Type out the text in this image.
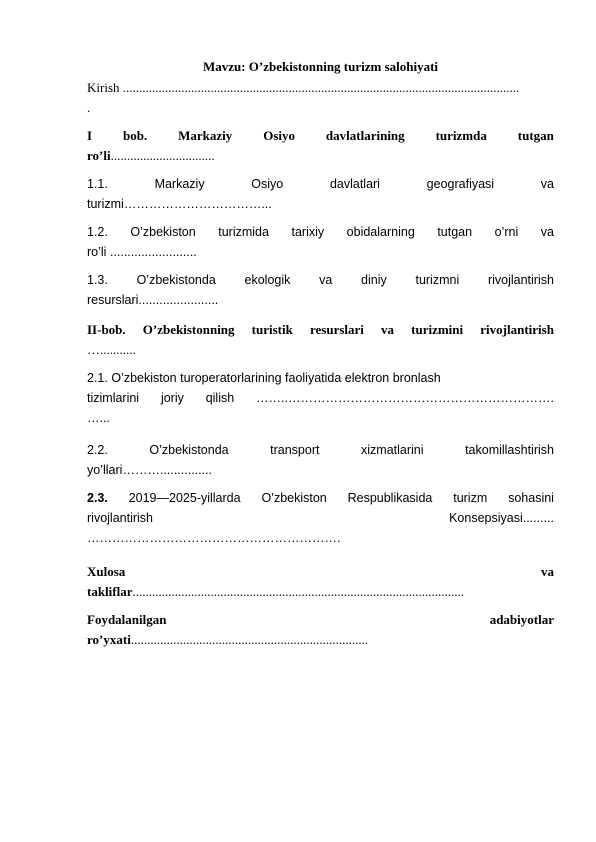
Mavzu: O’zbekistonning turizm salohiyati
Kirish ..........................................................................................................................
.
I bob. Markaziy Osiyo davlatlarining turizmda tutgan
ro’li................................
1.1.	Markaziy	Osiyo	davlatlari	geografiyasi	va
turizmi……………………………...
1.2. O’zbekiston turizmida tarixiy obidalarning tutgan o’rni va
ro’li .........................
1.3. O’zbekistonda ekologik va diniy turizmni rivojlantirish
resurslari.......................
II-bob. O’zbekistonning turistik resurslari va turizmini rivojlantirish
…...........
2.1. O’zbekiston turoperatorlarining faoliyatida elektron bronlash
tizimlarini joriy qilish ……..……………………………………………………….
…...
2.2.	O’zbekistonda	transport	xizmatlarini	takomillashtirish
yo’llari………...............
2.3. 2019—2025-yillarda O’zbekiston Respublikasida turizm sohasini
rivojlantirish	Konsepsiyasi.........
…………………………………………………….
Xulosa	va
takliflar......................................................................................................
Foydalanilgan	adabiyotlar
ro’yxati.........................................................................
